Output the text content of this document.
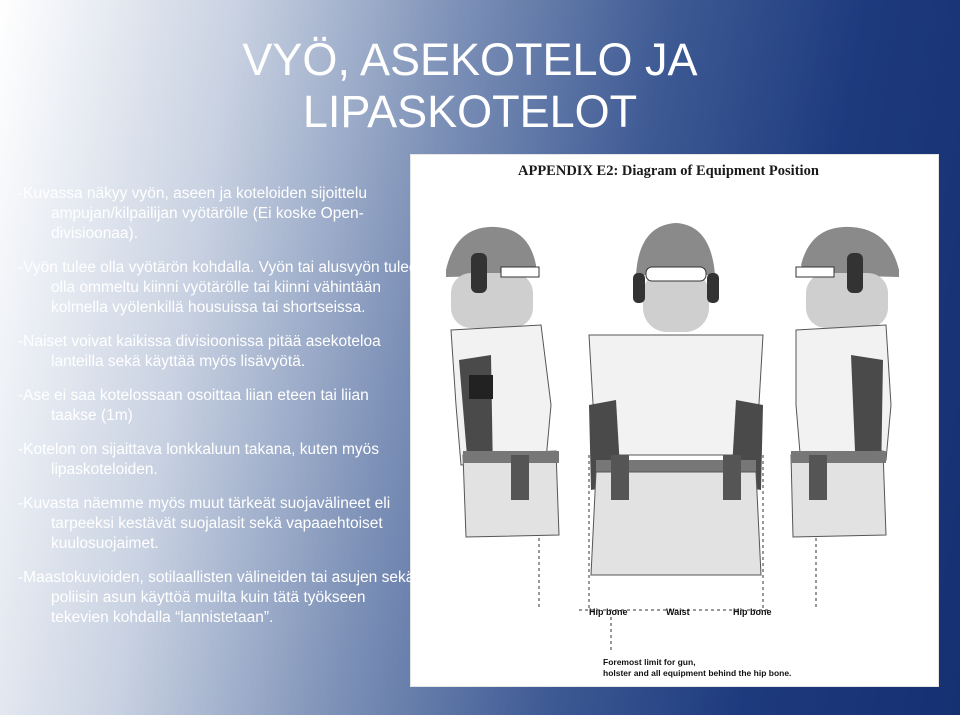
VYÖ, ASEKOTELO JA
LIPASKOTELOT
-Kuvassa näkyy vyön, aseen ja koteloiden sijoittelu ampujan/kilpailijan vyötärölle (Ei koske Open-divisioonaa).
-Vyön tulee olla vyötärön kohdalla. Vyön tai alusvyön tulee olla ommeltu kiinni vyötärölle tai kiinni vähintään kolmella vyölenkillä housuissa tai shortseissa.
-Naiset voivat kaikissa divisioonissa pitää asekoteloa lanteilla sekä käyttää myös lisävyötä.
-Ase ei saa kotelossaan osoittaa liian eteen tai liian taakse (1m)
-Kotelon on sijaittava lonkkaluun takana, kuten myös lipaskoteloiden.
-Kuvasta näemme myös muut tärkeät suojavälineet eli tarpeeksi kestävät suojalasit sekä vapaaehtoiset kuulosuojaimet.
-Maastokuvioiden, sotilaallisten välineiden tai asujen sekä poliisin asun käyttöä muilta kuin tätä työkseen tekevien kohdalla “lannistetaan”.
APPENDIX E2: Diagram of Equipment Position
Hip bone	Waist	Hip bone
Foremost limit for gun,
holster and all equipment behind the hip bone.
